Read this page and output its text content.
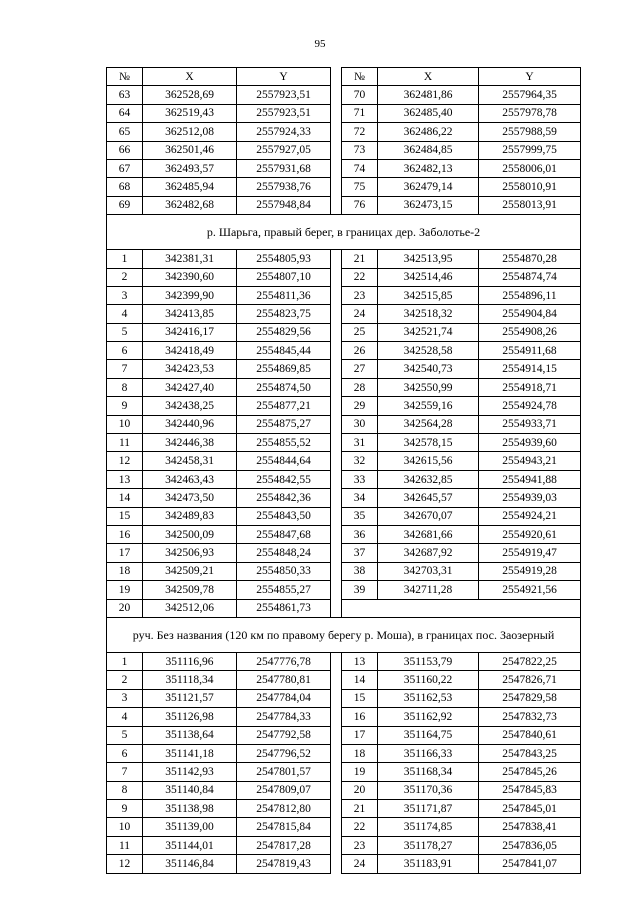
95
№	X	Y		№	X	Y
63	362528,69	2557923,51		70	362481,86	2557964,35
64	362519,43	2557923,51		71	362485,40	2557978,78
65	362512,08	2557924,33		72	362486,22	2557988,59
66	362501,46	2557927,05		73	362484,85	2557999,75
67	362493,57	2557931,68		74	362482,13	2558006,01
68	362485,94	2557938,76		75	362479,14	2558010,91
69	362482,68	2557948,84		76	362473,15	2558013,91
р. Шарьга, правый берег, в границах дер. Заболотье-2						
1	342381,31	2554805,93		21	342513,95	2554870,28
2	342390,60	2554807,10		22	342514,46	2554874,74
3	342399,90	2554811,36		23	342515,85	2554896,11
4	342413,85	2554823,75		24	342518,32	2554904,84
5	342416,17	2554829,56		25	342521,74	2554908,26
6	342418,49	2554845,44		26	342528,58	2554911,68
7	342423,53	2554869,85		27	342540,73	2554914,15
8	342427,40	2554874,50		28	342550,99	2554918,71
9	342438,25	2554877,21		29	342559,16	2554924,78
10	342440,96	2554875,27		30	342564,28	2554933,71
11	342446,38	2554855,52		31	342578,15	2554939,60
12	342458,31	2554844,64		32	342615,56	2554943,21
13	342463,43	2554842,55		33	342632,85	2554941,88
14	342473,50	2554842,36		34	342645,57	2554939,03
15	342489,83	2554843,50		35	342670,07	2554924,21
16	342500,09	2554847,68		36	342681,66	2554920,61
17	342506,93	2554848,24		37	342687,92	2554919,47
18	342509,21	2554850,33		38	342703,31	2554919,28
19	342509,78	2554855,27		39	342711,28	2554921,56
20	342512,06	2554861,73				
руч. Без названия (120 км по правому берегу р. Моша), в границах пос. Заозерный						
1	351116,96	2547776,78		13	351153,79	2547822,25
2	351118,34	2547780,81		14	351160,22	2547826,71
3	351121,57	2547784,04		15	351162,53	2547829,58
4	351126,98	2547784,33		16	351162,92	2547832,73
5	351138,64	2547792,58		17	351164,75	2547840,61
6	351141,18	2547796,52		18	351166,33	2547843,25
7	351142,93	2547801,57		19	351168,34	2547845,26
8	351140,84	2547809,07		20	351170,36	2547845,83
9	351138,98	2547812,80		21	351171,87	2547845,01
10	351139,00	2547815,84		22	351174,85	2547838,41
11	351144,01	2547817,28		23	351178,27	2547836,05
12	351146,84	2547819,43		24	351183,91	2547841,07
